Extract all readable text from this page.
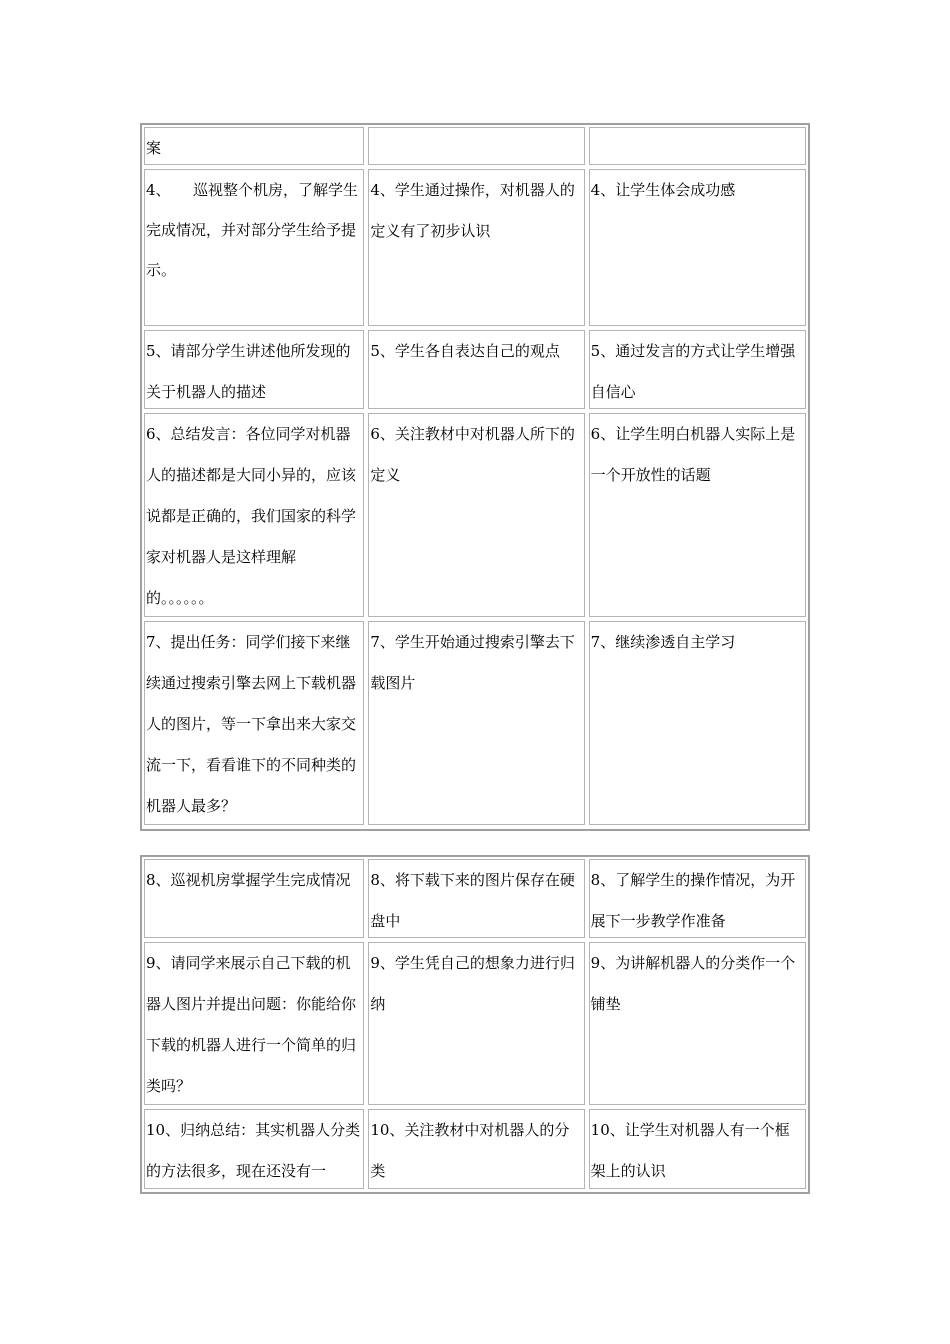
案
4、　　巡视整个机房，了解学生
完成情况，并对部分学生给予提示。
4、学生通过操作，对机器人的定义有了初步认识
4、让学生体会成功感
5、请部分学生讲述他所发现的关于机器人的描述
5、学生各自表达自己的观点	5、通过发言的方式让学生增强自信心
6、总结发言：各位同学对机器人的描述都是大同小异的，应该说都是正确的，我们国家的科学家对机器人是这样理解的。。。。。。
6、关注教材中对机器人所下的定义
6、让学生明白机器人实际上是一个开放性的话题
7、提出任务：同学们接下来继续通过搜索引擎去网上下载机器人的图片，等一下拿出来大家交流一下，看看谁下的不同种类的机器人最多？
7、学生开始通过搜索引擎去下载图片
7、继续渗透自主学习
8、巡视机房掌握学生完成情况	8、将下载下来的图片保存在硬盘中
8、了解学生的操作情况，为开展下一步教学作准备
9、请同学来展示自己下载的机器人图片并提出问题：你能给你下载的机器人进行一个简单的归类吗？
9、学生凭自己的想象力进行归纳
9、为讲解机器人的分类作一个铺垫
10、归纳总结：其实机器人分类的方法很多，现在还没有一
10、关注教材中对机器人的分类
10、让学生对机器人有一个框架上的认识
